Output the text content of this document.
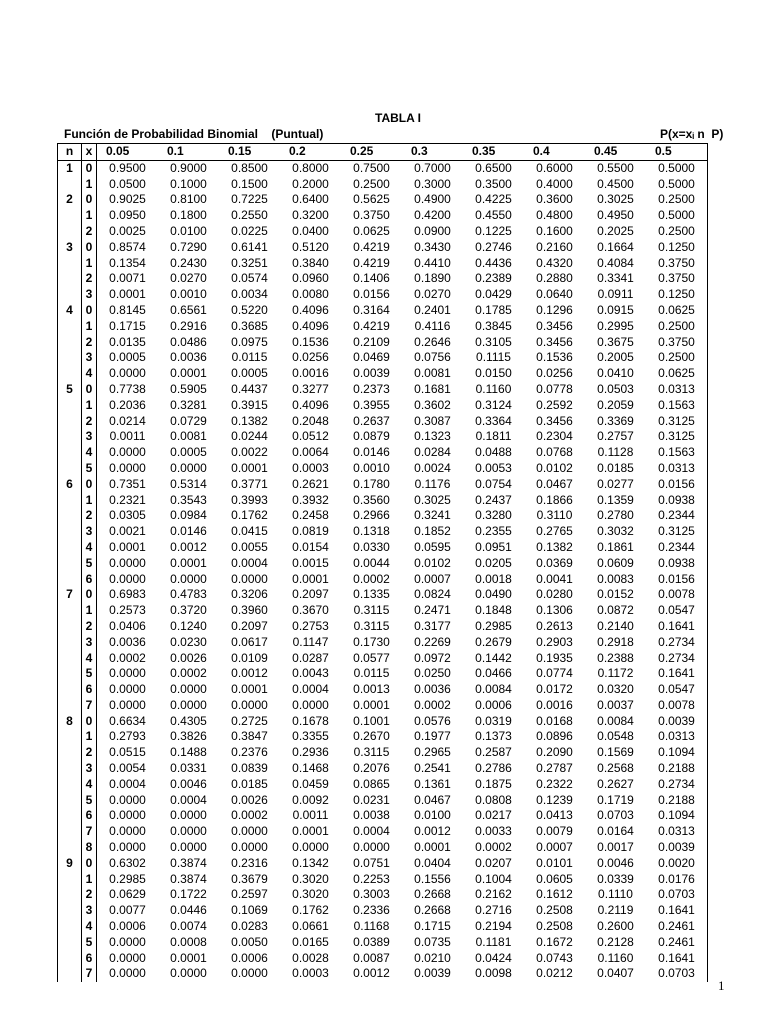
TABLA I
Función de Probabilidad Binomial    (Puntual)	P(x=xᵢ n  P)
n	x	0.05	0.1	0.15	0.2	0.25	0.3	0.35	0.4	0.45	0.5
1	0	0.9500	0.9000	0.8500	0.8000	0.7500	0.7000	0.6500	0.6000	0.5500	0.5000
	1	0.0500	0.1000	0.1500	0.2000	0.2500	0.3000	0.3500	0.4000	0.4500	0.5000
2	0	0.9025	0.8100	0.7225	0.6400	0.5625	0.4900	0.4225	0.3600	0.3025	0.2500
	1	0.0950	0.1800	0.2550	0.3200	0.3750	0.4200	0.4550	0.4800	0.4950	0.5000
	2	0.0025	0.0100	0.0225	0.0400	0.0625	0.0900	0.1225	0.1600	0.2025	0.2500
3	0	0.8574	0.7290	0.6141	0.5120	0.4219	0.3430	0.2746	0.2160	0.1664	0.1250
	1	0.1354	0.2430	0.3251	0.3840	0.4219	0.4410	0.4436	0.4320	0.4084	0.3750
	2	0.0071	0.0270	0.0574	0.0960	0.1406	0.1890	0.2389	0.2880	0.3341	0.3750
	3	0.0001	0.0010	0.0034	0.0080	0.0156	0.0270	0.0429	0.0640	0.0911	0.1250
4	0	0.8145	0.6561	0.5220	0.4096	0.3164	0.2401	0.1785	0.1296	0.0915	0.0625
	1	0.1715	0.2916	0.3685	0.4096	0.4219	0.4116	0.3845	0.3456	0.2995	0.2500
	2	0.0135	0.0486	0.0975	0.1536	0.2109	0.2646	0.3105	0.3456	0.3675	0.3750
	3	0.0005	0.0036	0.0115	0.0256	0.0469	0.0756	0.1115	0.1536	0.2005	0.2500
	4	0.0000	0.0001	0.0005	0.0016	0.0039	0.0081	0.0150	0.0256	0.0410	0.0625
5	0	0.7738	0.5905	0.4437	0.3277	0.2373	0.1681	0.1160	0.0778	0.0503	0.0313
	1	0.2036	0.3281	0.3915	0.4096	0.3955	0.3602	0.3124	0.2592	0.2059	0.1563
	2	0.0214	0.0729	0.1382	0.2048	0.2637	0.3087	0.3364	0.3456	0.3369	0.3125
	3	0.0011	0.0081	0.0244	0.0512	0.0879	0.1323	0.1811	0.2304	0.2757	0.3125
	4	0.0000	0.0005	0.0022	0.0064	0.0146	0.0284	0.0488	0.0768	0.1128	0.1563
	5	0.0000	0.0000	0.0001	0.0003	0.0010	0.0024	0.0053	0.0102	0.0185	0.0313
6	0	0.7351	0.5314	0.3771	0.2621	0.1780	0.1176	0.0754	0.0467	0.0277	0.0156
	1	0.2321	0.3543	0.3993	0.3932	0.3560	0.3025	0.2437	0.1866	0.1359	0.0938
	2	0.0305	0.0984	0.1762	0.2458	0.2966	0.3241	0.3280	0.3110	0.2780	0.2344
	3	0.0021	0.0146	0.0415	0.0819	0.1318	0.1852	0.2355	0.2765	0.3032	0.3125
	4	0.0001	0.0012	0.0055	0.0154	0.0330	0.0595	0.0951	0.1382	0.1861	0.2344
	5	0.0000	0.0001	0.0004	0.0015	0.0044	0.0102	0.0205	0.0369	0.0609	0.0938
	6	0.0000	0.0000	0.0000	0.0001	0.0002	0.0007	0.0018	0.0041	0.0083	0.0156
7	0	0.6983	0.4783	0.3206	0.2097	0.1335	0.0824	0.0490	0.0280	0.0152	0.0078
	1	0.2573	0.3720	0.3960	0.3670	0.3115	0.2471	0.1848	0.1306	0.0872	0.0547
	2	0.0406	0.1240	0.2097	0.2753	0.3115	0.3177	0.2985	0.2613	0.2140	0.1641
	3	0.0036	0.0230	0.0617	0.1147	0.1730	0.2269	0.2679	0.2903	0.2918	0.2734
	4	0.0002	0.0026	0.0109	0.0287	0.0577	0.0972	0.1442	0.1935	0.2388	0.2734
	5	0.0000	0.0002	0.0012	0.0043	0.0115	0.0250	0.0466	0.0774	0.1172	0.1641
	6	0.0000	0.0000	0.0001	0.0004	0.0013	0.0036	0.0084	0.0172	0.0320	0.0547
	7	0.0000	0.0000	0.0000	0.0000	0.0001	0.0002	0.0006	0.0016	0.0037	0.0078
8	0	0.6634	0.4305	0.2725	0.1678	0.1001	0.0576	0.0319	0.0168	0.0084	0.0039
	1	0.2793	0.3826	0.3847	0.3355	0.2670	0.1977	0.1373	0.0896	0.0548	0.0313
	2	0.0515	0.1488	0.2376	0.2936	0.3115	0.2965	0.2587	0.2090	0.1569	0.1094
	3	0.0054	0.0331	0.0839	0.1468	0.2076	0.2541	0.2786	0.2787	0.2568	0.2188
	4	0.0004	0.0046	0.0185	0.0459	0.0865	0.1361	0.1875	0.2322	0.2627	0.2734
	5	0.0000	0.0004	0.0026	0.0092	0.0231	0.0467	0.0808	0.1239	0.1719	0.2188
	6	0.0000	0.0000	0.0002	0.0011	0.0038	0.0100	0.0217	0.0413	0.0703	0.1094
	7	0.0000	0.0000	0.0000	0.0001	0.0004	0.0012	0.0033	0.0079	0.0164	0.0313
	8	0.0000	0.0000	0.0000	0.0000	0.0000	0.0001	0.0002	0.0007	0.0017	0.0039
9	0	0.6302	0.3874	0.2316	0.1342	0.0751	0.0404	0.0207	0.0101	0.0046	0.0020
	1	0.2985	0.3874	0.3679	0.3020	0.2253	0.1556	0.1004	0.0605	0.0339	0.0176
	2	0.0629	0.1722	0.2597	0.3020	0.3003	0.2668	0.2162	0.1612	0.1110	0.0703
	3	0.0077	0.0446	0.1069	0.1762	0.2336	0.2668	0.2716	0.2508	0.2119	0.1641
	4	0.0006	0.0074	0.0283	0.0661	0.1168	0.1715	0.2194	0.2508	0.2600	0.2461
	5	0.0000	0.0008	0.0050	0.0165	0.0389	0.0735	0.1181	0.1672	0.2128	0.2461
	6	0.0000	0.0001	0.0006	0.0028	0.0087	0.0210	0.0424	0.0743	0.1160	0.1641
	7	0.0000	0.0000	0.0000	0.0003	0.0012	0.0039	0.0098	0.0212	0.0407	0.0703
1
